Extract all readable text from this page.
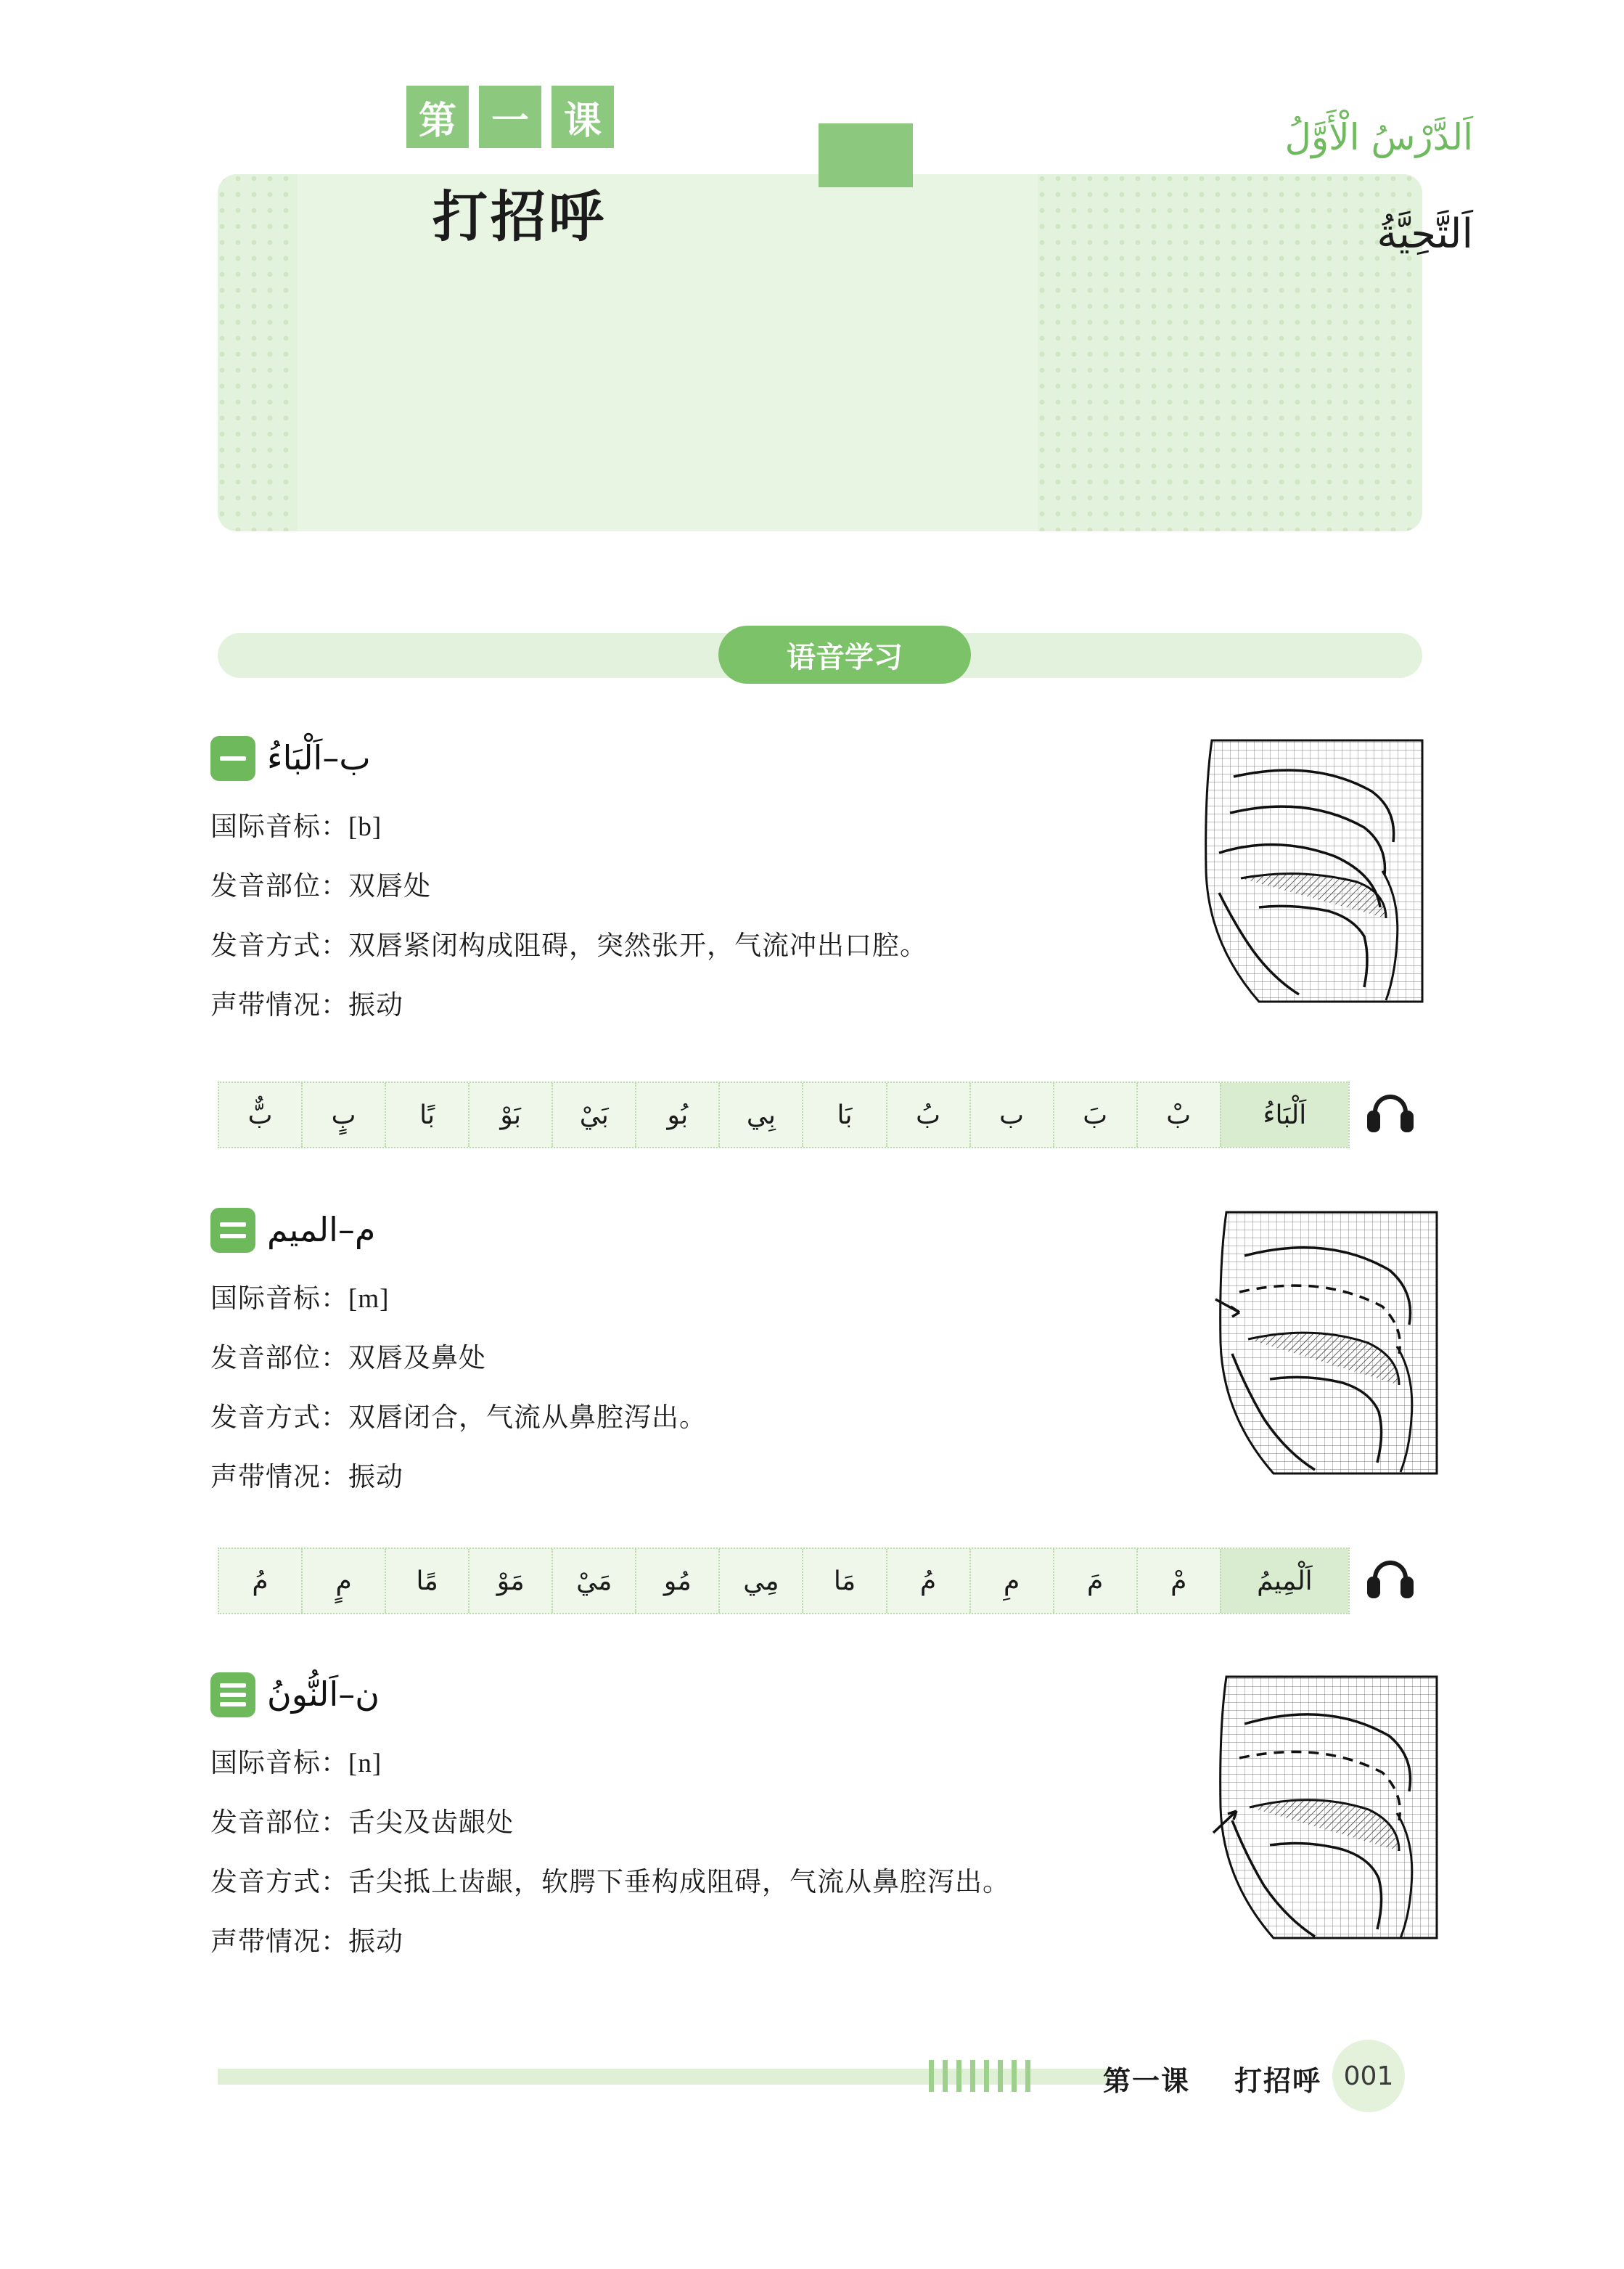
第 一 课
打招呼
اَلدَّرْسُ الْأَوَّلُ
اَلتَّحِيَّةُ
语音学习
ب–اَلْبَاءُ
国际音标：[b]
发音部位：双唇处
发音方式：双唇紧闭构成阻碍，突然张开，气流冲出口腔。
声带情况：振动
اَلْبَاءُ
بْ
بَ
ب
بُ
بَا
بِي
بُو
بَيْ
بَوْ
بًا
بٍ
بٌّ
م–الميم
国际音标：[m]
发音部位：双唇及鼻处
发音方式：双唇闭合，气流从鼻腔泻出。
声带情况：振动
اَلْمِيمُ
مْ
مَ
مِ
مُ
مَا
مِي
مُو
مَيْ
مَوْ
مًا
مٍ
مُ
ن–اَلنُّونُ
国际音标：[n]
发音部位：舌尖及齿龈处
发音方式：舌尖抵上齿龈，软腭下垂构成阻碍，气流从鼻腔泻出。
声带情况：振动
第一课 打招呼 001
